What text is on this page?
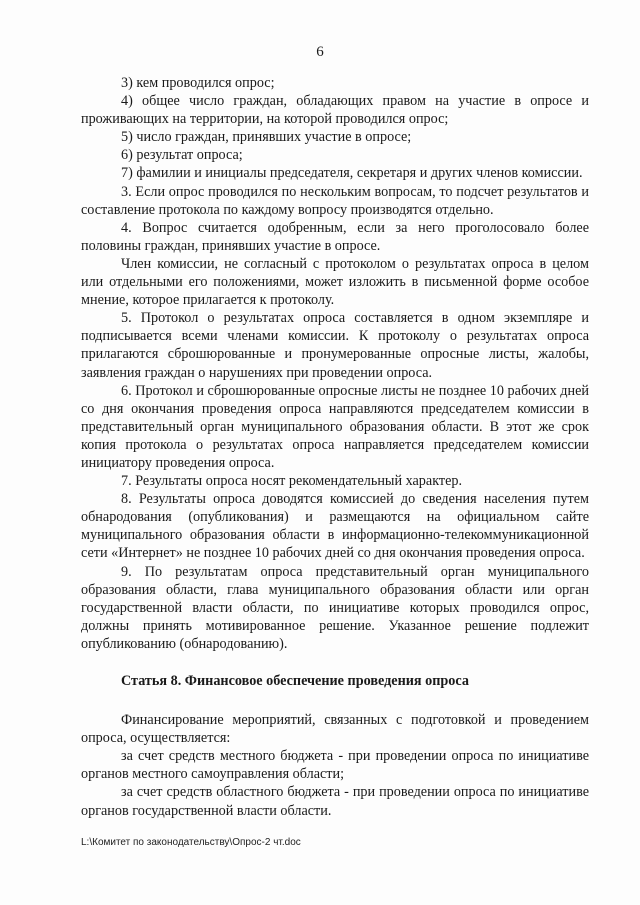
6

3) кем проводился опрос;

4) общее число граждан, обладающих правом на участие в опросе и проживающих на территории, на которой проводился опрос;

5) число граждан, принявших участие в опросе;

6) результат опроса;

7) фамилии и инициалы председателя, секретаря и других членов комиссии.

3. Если опрос проводился по нескольким вопросам, то подсчет результатов и составление протокола по каждому вопросу производятся отдельно.

4. Вопрос считается одобренным, если за него проголосовало более половины граждан, принявших участие в опросе.

Член комиссии, не согласный с протоколом о результатах опроса в целом или отдельными его положениями, может изложить в письменной форме особое мнение, которое прилагается к протоколу.

5. Протокол о результатах опроса составляется в одном экземпляре и подписывается всеми членами комиссии. К протоколу о результатах опроса прилагаются сброшюрованные и пронумерованные опросные листы, жалобы, заявления граждан о нарушениях при проведении опроса.

6. Протокол и сброшюрованные опросные листы не позднее 10 рабочих дней со дня окончания проведения опроса направляются председателем комиссии в представительный орган муниципального образования области. В этот же срок копия протокола о результатах опроса направляется председателем комиссии инициатору проведения опроса.

7. Результаты опроса носят рекомендательный характер.

8. Результаты опроса доводятся комиссией до сведения населения путем обнародования (опубликования) и размещаются на официальном сайте муниципального образования области в информационно-телекоммуникационной сети «Интернет» не позднее 10 рабочих дней со дня окончания проведения опроса.

9. По результатам опроса представительный орган муниципального образования области, глава муниципального образования области или орган государственной власти области, по инициативе которых проводился опрос, должны принять мотивированное решение. Указанное решение подлежит опубликованию (обнародованию).

Статья 8. Финансовое обеспечение проведения опроса

Финансирование мероприятий, связанных с подготовкой и проведением опроса, осуществляется:

за счет средств местного бюджета - при проведении опроса по инициативе органов местного самоуправления области;

за счет средств областного бюджета - при проведении опроса по инициативе органов государственной власти области.

L:\Комитет по законодательству\Опрос-2 чт.doc
